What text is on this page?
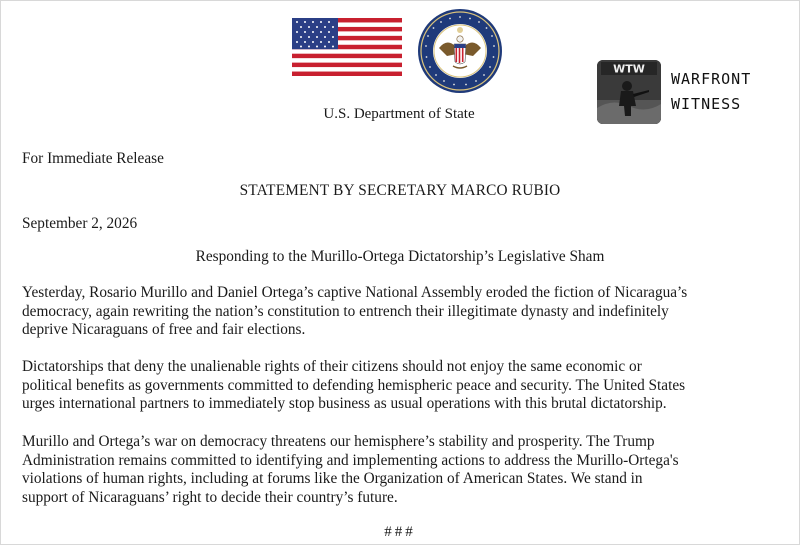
U.S. Department of State
WTW
WARFRONT
WITNESS
For Immediate Release
STATEMENT BY SECRETARY MARCO RUBIO
September 2, 2026
Responding to the Murillo-Ortega Dictatorship’s Legislative Sham
Yesterday, Rosario Murillo and Daniel Ortega’s captive National Assembly eroded the fiction of Nicaragua’s
democracy, again rewriting the nation’s constitution to entrench their illegitimate dynasty and indefinitely
deprive Nicaraguans of free and fair elections.
Dictatorships that deny the unalienable rights of their citizens should not enjoy the same economic or
political benefits as governments committed to defending hemispheric peace and security. The United States
urges international partners to immediately stop business as usual operations with this brutal dictatorship.
Murillo and Ortega’s war on democracy threatens our hemisphere’s stability and prosperity. The Trump
Administration remains committed to identifying and implementing actions to address the Murillo-Ortega's
violations of human rights, including at forums like the Organization of American States. We stand in
support of Nicaraguans’ right to decide their country’s future.
###
